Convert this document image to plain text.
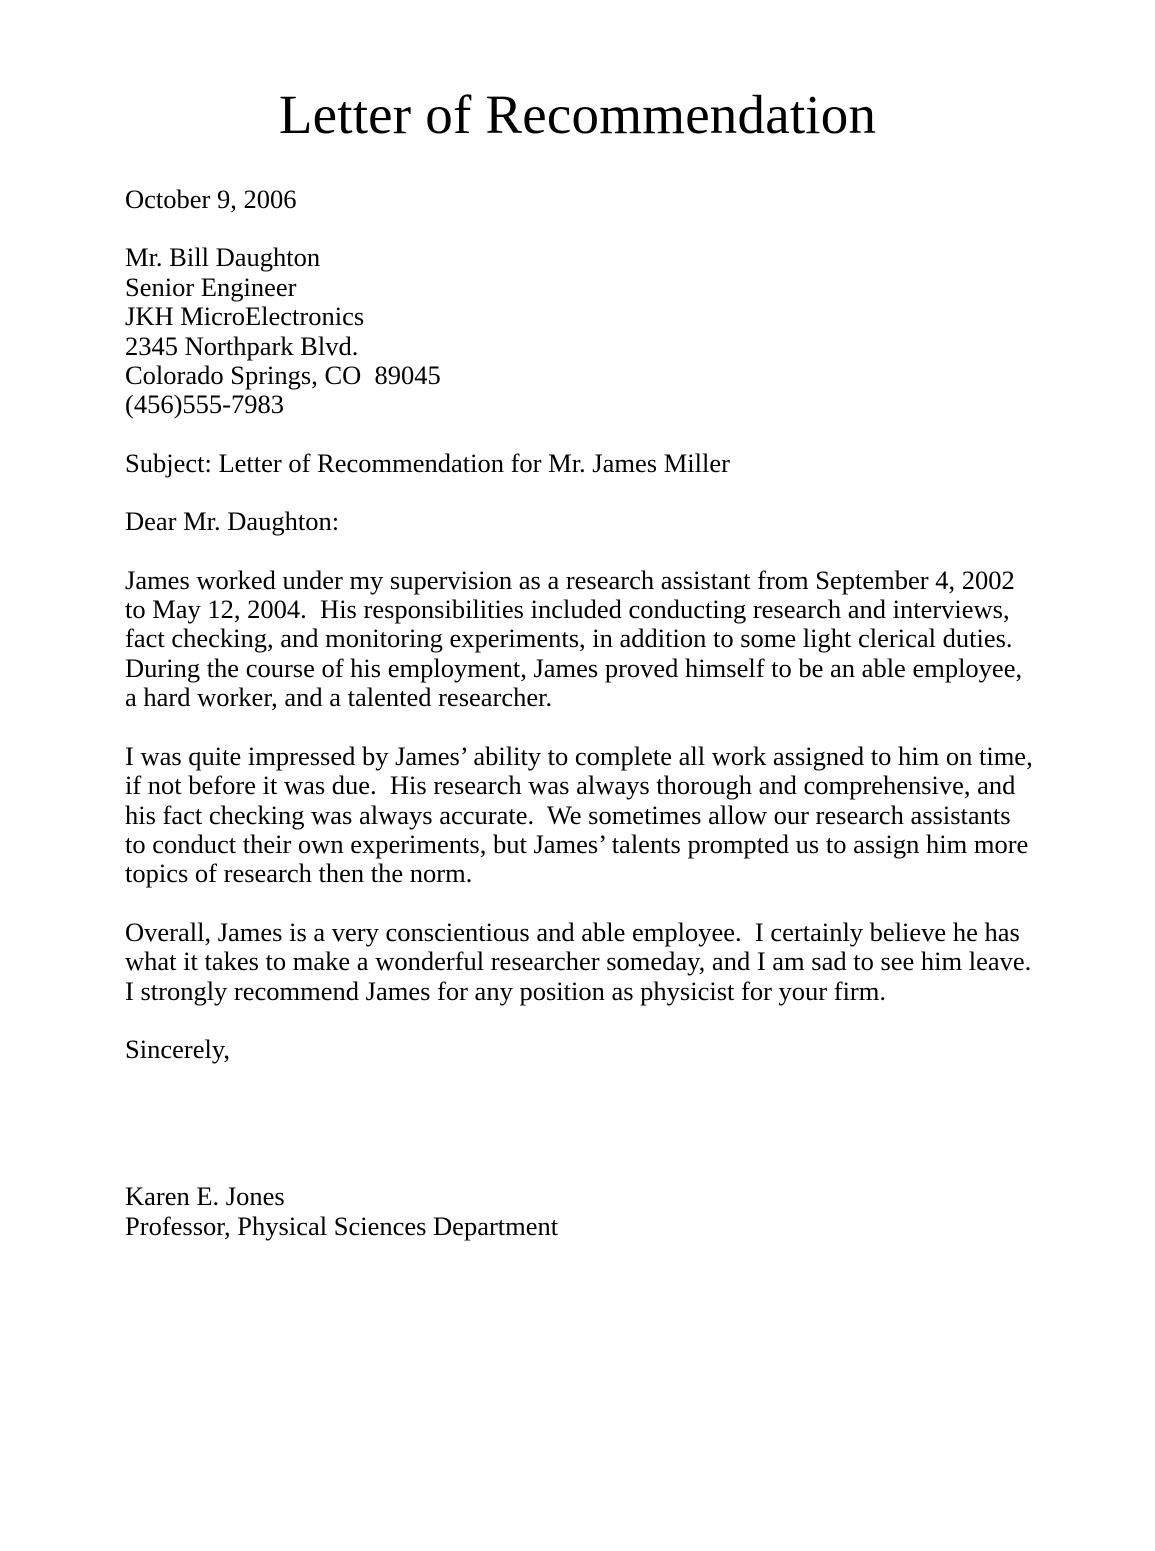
Letter of Recommendation
October 9, 2006
Mr. Bill Daughton
Senior Engineer
JKH MicroElectronics
2345 Northpark Blvd.
Colorado Springs, CO  89045
(456)555-7983
Subject: Letter of Recommendation for Mr. James Miller
Dear Mr. Daughton:

James worked under my supervision as a research assistant from September 4, 2002 to May 12, 2004.  His responsibilities included conducting research and interviews, fact checking, and monitoring experiments, in addition to some light clerical duties.  During the course of his employment, James proved himself to be an able employee, a hard worker, and a talented researcher.

I was quite impressed by James’ ability to complete all work assigned to him on time, if not before it was due.  His research was always thorough and comprehensive, and his fact checking was always accurate.  We sometimes allow our research assistants to conduct their own experiments, but James’ talents prompted us to assign him more topics of research then the norm.

Overall, James is a very conscientious and able employee.  I certainly believe he has what it takes to make a wonderful researcher someday, and I am sad to see him leave.  I strongly recommend James for any position as physicist for your firm.

Sincerely,
Karen E. Jones
Professor, Physical Sciences Department
